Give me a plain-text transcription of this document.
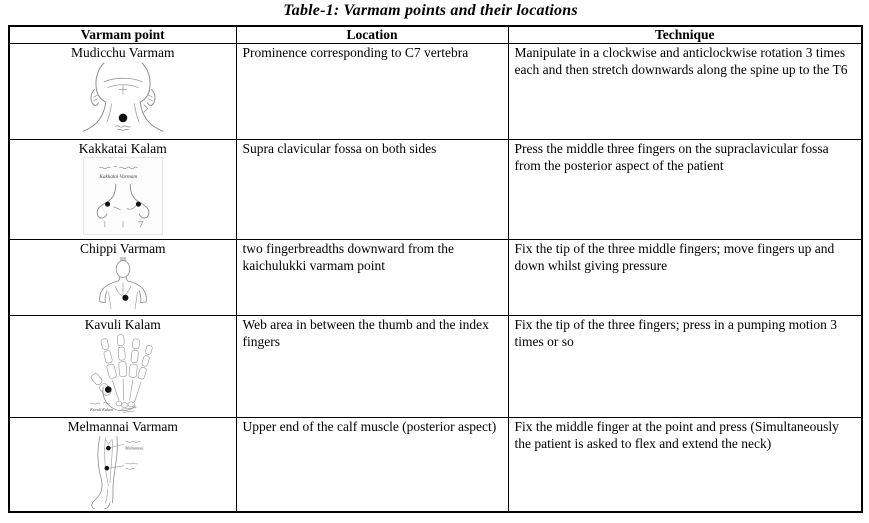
Table-1: Varmam points and their locations
Varmam point	Location	Technique

Mudicchu Varmam	Prominence corresponding to C7 vertebra	Manipulate in a clockwise and anticlockwise rotation 3 times each and then stretch downwards along the spine up to the T6

Kakkatai Kalam
Kakkatai Varmam	Supra clavicular fossa on both sides	Press the middle three fingers on the supraclavicular fossa from the posterior aspect of the patient

Chippi Varmam	two fingerbreadths downward from the kaichulukki varmam point	Fix the tip of the three middle fingers; move fingers up and down whilst giving pressure

Kavuli Kalam
Kavuli Kalam	Web area in between the thumb and the index fingers	Fix the tip of the three fingers; press in a pumping motion 3 times or so

Melmannai Varmam
Melmannai	Upper end of the calf muscle (posterior aspect)	Fix the middle finger at the point and press (Simultaneously the patient is asked to flex and extend the neck)
